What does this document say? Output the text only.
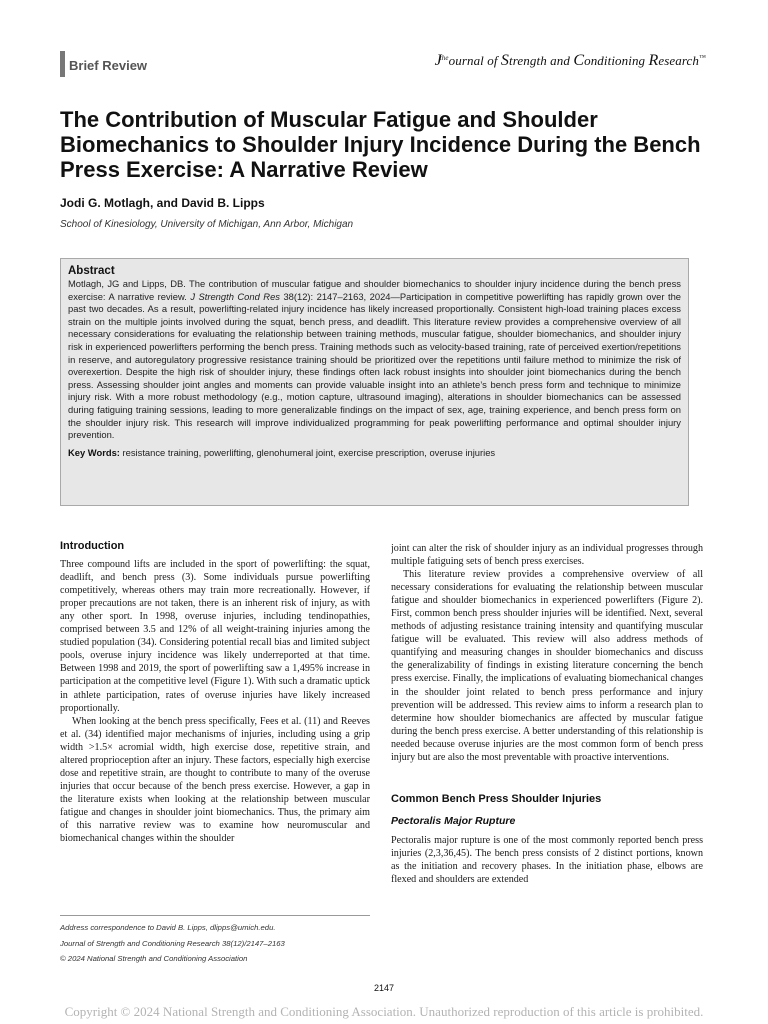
Brief Review	$J^{the}ournal$ of Strength and Conditioning Research™
The Contribution of Muscular Fatigue and Shoulder Biomechanics to Shoulder Injury Incidence During the Bench Press Exercise: A Narrative Review
Jodi G. Motlagh, and David B. Lipps
School of Kinesiology, University of Michigan, Ann Arbor, Michigan
Abstract

Motlagh, JG and Lipps, DB. The contribution of muscular fatigue and shoulder biomechanics to shoulder injury incidence during the bench press exercise: A narrative review. J Strength Cond Res 38(12): 2147–2163, 2024—Participation in competitive powerlifting has rapidly grown over the past two decades. As a result, powerlifting-related injury incidence has likely increased proportionally. Consistent high-load training places excess strain on the multiple joints involved during the squat, bench press, and deadlift. This literature review provides a comprehensive overview of all necessary considerations for evaluating the relationship between training methods, muscular fatigue, shoulder biomechanics, and shoulder injury risk in experienced powerlifters performing the bench press. Training methods such as velocity-based training, rate of perceived exertion/repetitions in reserve, and autoregulatory progressive resistance training should be prioritized over the repetitions until failure method to minimize the risk of overexertion. Despite the high risk of shoulder injury, these findings often lack robust insights into shoulder joint biomechanics during the bench press. Assessing shoulder joint angles and moments can provide valuable insight into an athlete’s bench press form and technique to minimize injury risk. With a more robust methodology (e.g., motion capture, ultrasound imaging), alterations in shoulder biomechanics can be assessed during fatiguing training sessions, leading to more generalizable findings on the impact of sex, age, training experience, and bench press form on the shoulder injury risk. This research will improve individualized programming for peak powerlifting performance and optimal shoulder injury prevention.

Key Words: resistance training, powerlifting, glenohumeral joint, exercise prescription, overuse injuries
Introduction

Three compound lifts are included in the sport of powerlifting: the squat, deadlift, and bench press (3). Some individuals pursue powerlifting competitively, whereas others may train more recreationally. However, if proper precautions are not taken, there is an inherent risk of injury, as with any other sport. In 1998, overuse injuries, including tendinopathies, comprised between 3.5 and 12% of all weight-training injuries among the studied population (34). Considering potential recall bias and limited subject pools, overuse injury incidence was likely underreported at that time. Between 1998 and 2019, the sport of powerlifting saw a 1,495% increase in participation at the competitive level (Figure 1). With such a dramatic uptick in athlete participation, rates of overuse injuries have likely increased proportionally.

When looking at the bench press specifically, Fees et al. (11) and Reeves et al. (34) identified major mechanisms of injuries, including using a grip width >1.5× acromial width, high exercise dose, repetitive strain, and altered proprioception after an injury. These factors, especially high exercise dose and repetitive strain, are thought to contribute to many of the overuse injuries that occur because of the bench press exercise. However, a gap in the literature exists when looking at the relationship between muscular fatigue and changes in shoulder joint biomechanics. Thus, the primary aim of this narrative review was to examine how neuromuscular and biomechanical changes within the shoulder

joint can alter the risk of shoulder injury as an individual progresses through multiple fatiguing sets of bench press exercises.

This literature review provides a comprehensive overview of all necessary considerations for evaluating the relationship between muscular fatigue and shoulder biomechanics in experienced powerlifters (Figure 2). First, common bench press shoulder injuries will be identified. Next, several methods of adjusting resistance training intensity and quantifying muscular fatigue will be evaluated. This review will also address methods of quantifying and measuring changes in shoulder biomechanics and discuss the generalizability of findings in existing literature concerning the bench press exercise. Finally, the implications of evaluating biomechanical changes in the shoulder joint related to bench press performance and injury prevention will be addressed. This review aims to inform a research plan to determine how shoulder biomechanics are affected by muscular fatigue during the bench press exercise. A better understanding of this relationship is needed because overuse injuries are the most common form of bench press injury but are also the most preventable with proactive interventions.

Common Bench Press Shoulder Injuries
Pectoralis Major Rupture

Pectoralis major rupture is one of the most commonly reported bench press injuries (2,3,36,45). The bench press consists of 2 distinct portions, known as the initiation and recovery phases. In the initiation phase, elbows are flexed and shoulders are extended

Address correspondence to David B. Lipps, dlipps@umich.edu.
Journal of Strength and Conditioning Research 38(12)/2147–2163
© 2024 National Strength and Conditioning Association
2147
Copyright © 2024 National Strength and Conditioning Association. Unauthorized reproduction of this article is prohibited.
